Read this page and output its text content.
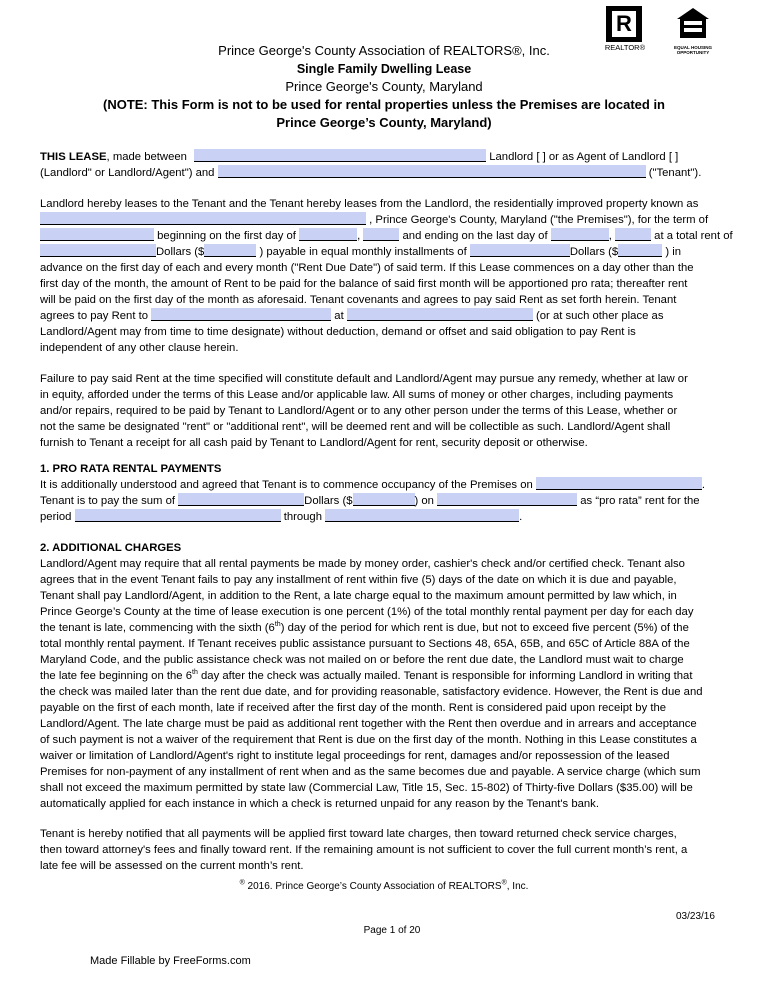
R
REALTOR®	EQUAL HOUSING OPPORTUNITY
Prince George's County Association of REALTORS®, Inc.
Single Family Dwelling Lease
Prince George's County, Maryland
(NOTE: This Form is not to be used for rental properties unless the Premises are located in
Prince George’s County, Maryland)
THIS LEASE, made between	Landlord [ ] or as Agent of Landlord [ ]
(Landlord" or Landlord/Agent") and	("Tenant").
Landlord hereby leases to the Tenant and the Tenant hereby leases from the Landlord, the residentially improved property known as
, Prince George's County, Maryland ("the Premises"), for the term of
beginning on the first day of	,	and ending on the last day of	,	at a total rent of
Dollars ($	) payable in equal monthly installments of	Dollars ($	) in
advance on the first day of each and every month ("Rent Due Date") of said term. If this Lease commences on a day other than the
first day of the month, the amount of Rent to be paid for the balance of said first month will be apportioned pro rata; thereafter rent
will be paid on the first day of the month as aforesaid. Tenant covenants and agrees to pay said Rent as set forth herein. Tenant
agrees to pay Rent to	at	(or at such other place as
Landlord/Agent may from time to time designate) without deduction, demand or offset and said obligation to pay Rent is
independent of any other clause herein.
Failure to pay said Rent at the time specified will constitute default and Landlord/Agent may pursue any remedy, whether at law or
in equity, afforded under the terms of this Lease and/or applicable law. All sums of money or other charges, including payments
and/or repairs, required to be paid by Tenant to Landlord/Agent or to any other person under the terms of this Lease, whether or
not the same be designated "rent" or "additional rent", will be deemed rent and will be collectible as such. Landlord/Agent shall
furnish to Tenant a receipt for all cash paid by Tenant to Landlord/Agent for rent, security deposit or otherwise.
1. PRO RATA RENTAL PAYMENTS
It is additionally understood and agreed that Tenant is to commence occupancy of the Premises on	.
Tenant is to pay the sum of	Dollars ($	) on	as “pro rata” rent for the
period	through	.
2. ADDITIONAL CHARGES
Landlord/Agent may require that all rental payments be made by money order, cashier's check and/or certified check. Tenant also
agrees that in the event Tenant fails to pay any installment of rent within five (5) days of the date on which it is due and payable,
Tenant shall pay Landlord/Agent, in addition to the Rent, a late charge equal to the maximum amount permitted by law which, in
Prince George’s County at the time of lease execution is one percent (1%) of the total monthly rental payment per day for each day
the tenant is late, commencing with the sixth (6th) day of the period for which rent is due, but not to exceed five percent (5%) of the
total monthly rental payment. If Tenant receives public assistance pursuant to Sections 48, 65A, 65B, and 65C of Article 88A of the
Maryland Code, and the public assistance check was not mailed on or before the rent due date, the Landlord must wait to charge
the late fee beginning on the 6th day after the check was actually mailed. Tenant is responsible for informing Landlord in writing that
the check was mailed later than the rent due date, and for providing reasonable, satisfactory evidence. However, the Rent is due and
payable on the first of each month, late if received after the first day of the month. Rent is considered paid upon receipt by the
Landlord/Agent. The late charge must be paid as additional rent together with the Rent then overdue and in arrears and acceptance
of such payment is not a waiver of the requirement that Rent is due on the first day of the month. Nothing in this Lease constitutes a
waiver or limitation of Landlord/Agent's right to institute legal proceedings for rent, damages and/or repossession of the leased
Premises for non-payment of any installment of rent when and as the same becomes due and payable. A service charge (which sum
shall not exceed the maximum permitted by state law (Commercial Law, Title 15, Sec. 15-802) of Thirty-five Dollars ($35.00) will be
automatically applied for each instance in which a check is returned unpaid for any reason by the Tenant's bank.
Tenant is hereby notified that all payments will be applied first toward late charges, then toward returned check service charges,
then toward attorney's fees and finally toward rent. If the remaining amount is not sufficient to cover the full current month’s rent, a
late fee will be assessed on the current month’s rent.
® 2016. Prince George’s County Association of REALTORS®, Inc.
03/23/16
Page 1 of 20
Made Fillable by FreeForms.com
